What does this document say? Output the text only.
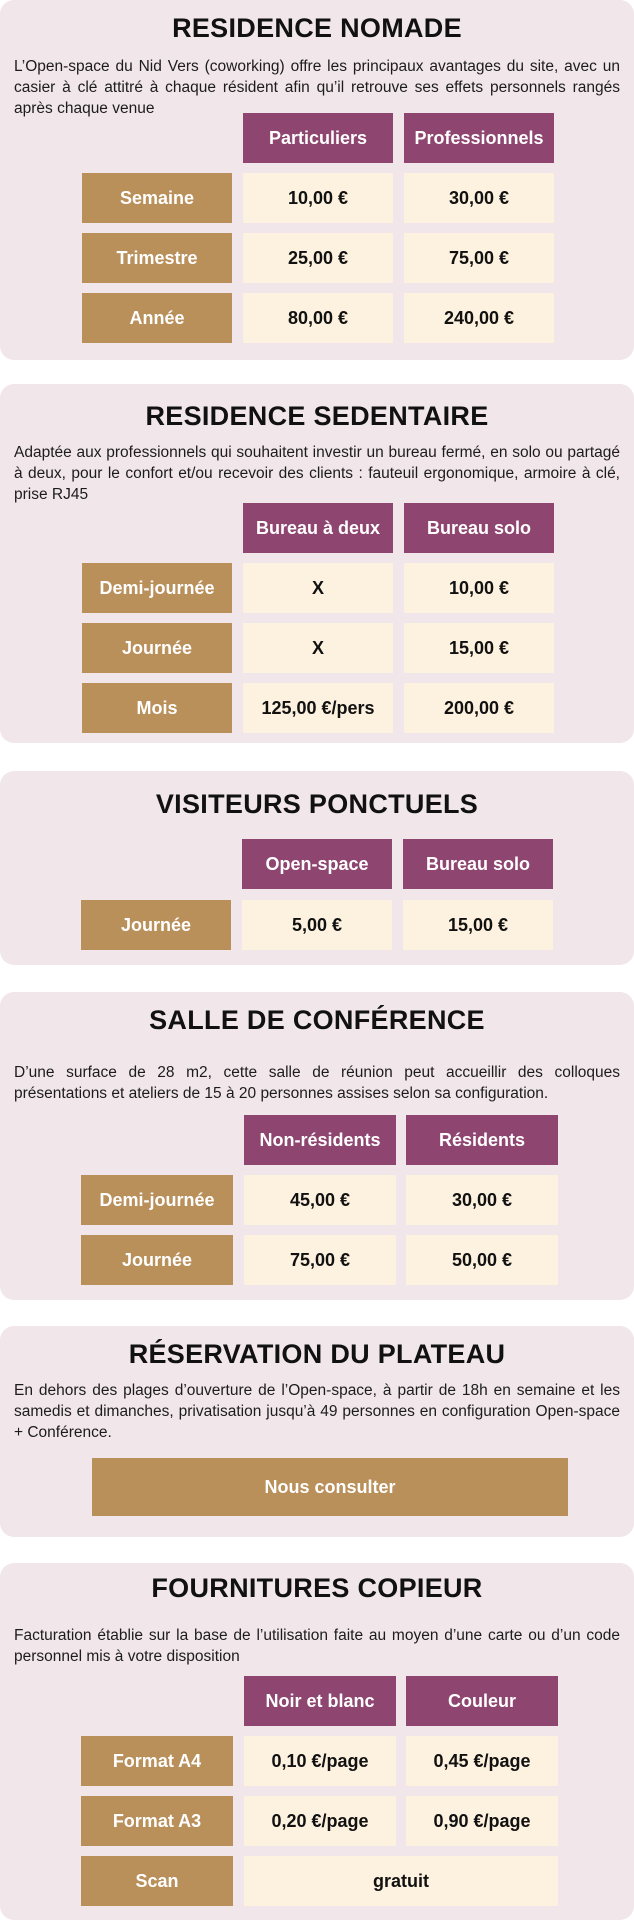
RESIDENCE NOMADE
L’Open-space du Nid Vers (coworking) offre les principaux avantages du site, avec un casier à clé attitré à chaque résident afin qu’il retrouve ses effets personnels rangés après chaque venue
Particuliers	Professionnels
Semaine	10,00 €	30,00 €
Trimestre	25,00 €	75,00 €
Année	80,00 €	240,00 €
RESIDENCE SEDENTAIRE
Adaptée aux professionnels qui souhaitent investir un bureau fermé, en solo ou partagé à deux, pour le confort et/ou recevoir des clients : fauteuil ergonomique, armoire à clé, prise RJ45
Bureau à deux	Bureau solo
Demi-journée	X	10,00 €
Journée	X	15,00 €
Mois	125,00 €/pers	200,00 €
VISITEURS PONCTUELS
Open-space	Bureau solo
Journée	5,00 €	15,00 €
SALLE DE CONFÉRENCE
D’une surface de 28 m2, cette salle de réunion peut accueillir des colloques présentations et ateliers de 15 à 20 personnes assises selon sa configuration.
Non-résidents	Résidents
Demi-journée	45,00 €	30,00 €
Journée	75,00 €	50,00 €
RÉSERVATION DU PLATEAU
En dehors des plages d’ouverture de l’Open-space, à partir de 18h en semaine et les samedis et dimanches, privatisation jusqu’à 49 personnes en configuration Open-space + Conférence.
Nous consulter
FOURNITURES COPIEUR
Facturation établie sur la base de l’utilisation faite au moyen d’une carte ou d’un code personnel mis à votre disposition
Noir et blanc	Couleur
Format A4	0,10 €/page	0,45 €/page
Format A3	0,20 €/page	0,90 €/page
Scan	gratuit
